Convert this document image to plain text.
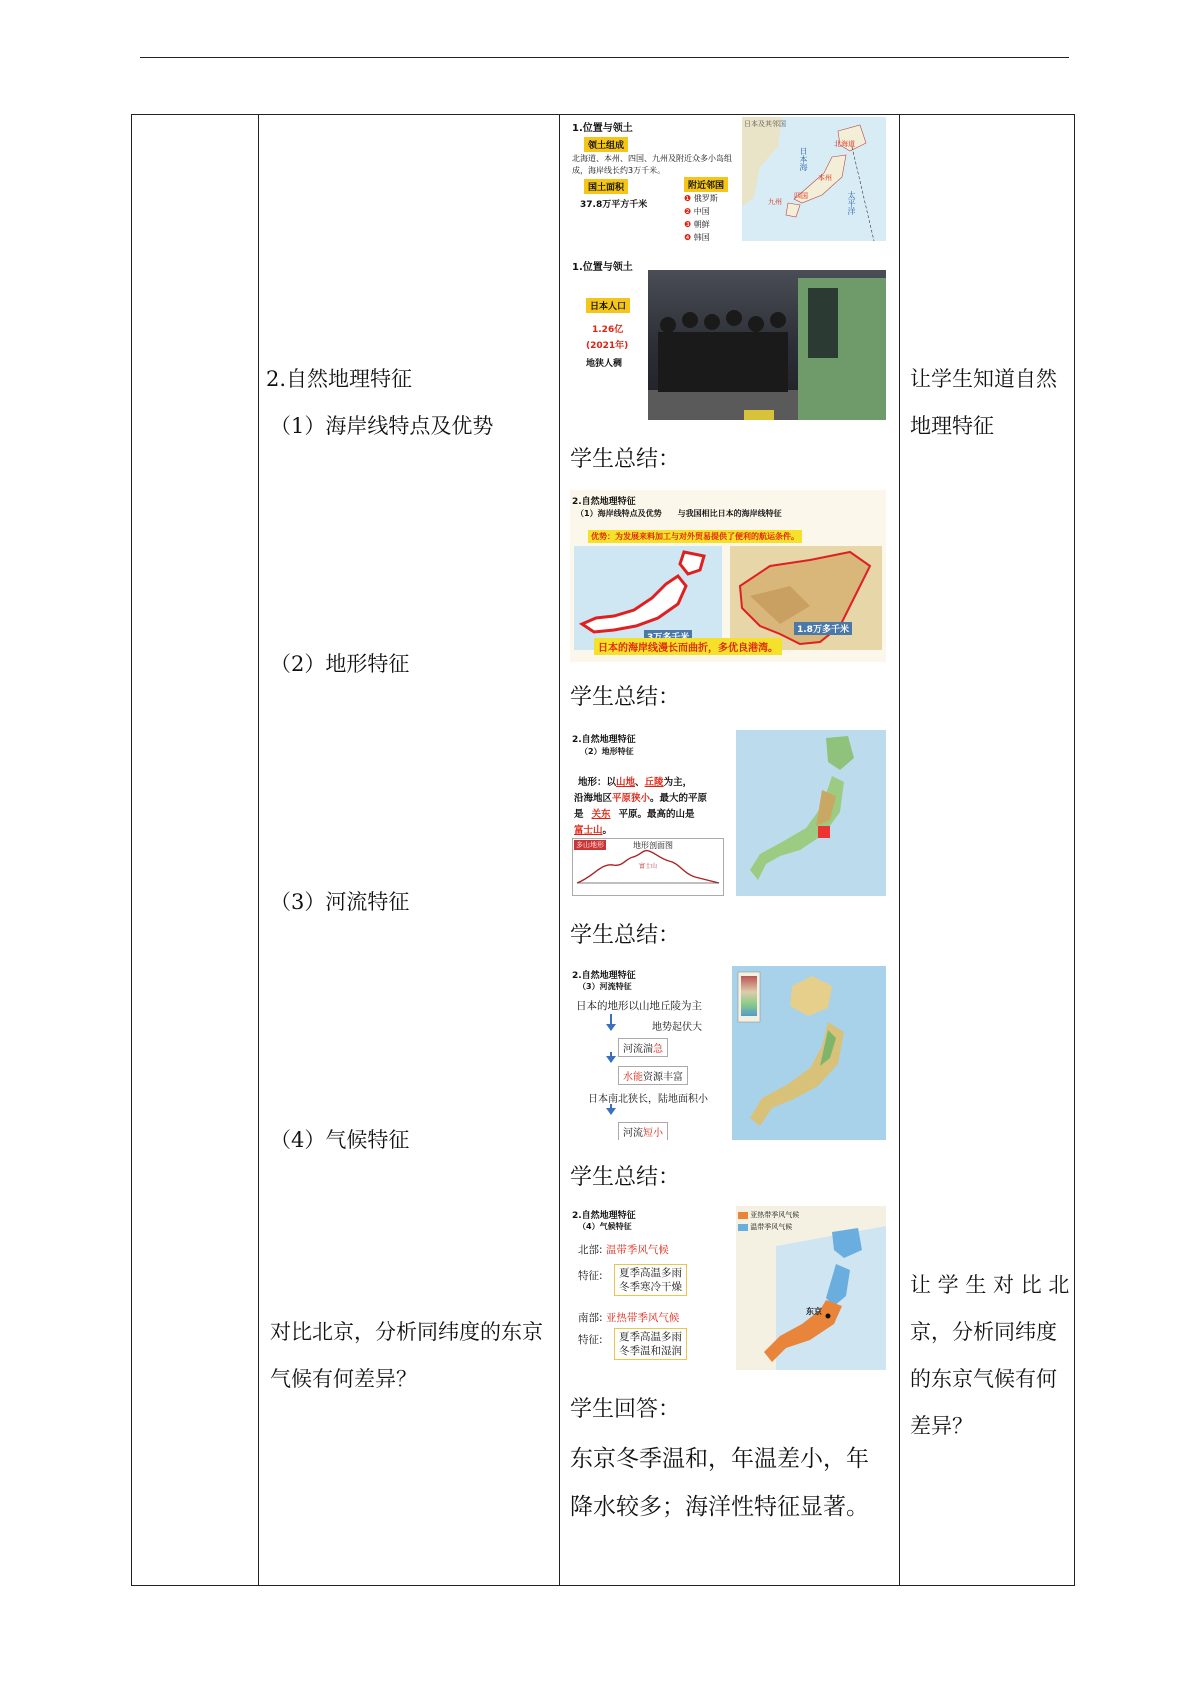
2.自然地理特征
（1）海岸线特点及优势
（2）地形特征
（3）河流特征
（4）气候特征
对比北京，分析同纬度的东京
气候有何差异？
让学生知道自然
地理特征
让 学 生 对 比 北
京，分析同纬度
的东京气候有何
差异？
1.位置与领土
领土组成
北海道、本州、四国、九州及附近众多小岛组
成，海岸线长约3万千米。
国土面积
37.8万平方千米
附近邻国
❶ 俄罗斯
❷ 中国
❸ 朝鲜
❹ 韩国
日本及其邻国
北海道
日本海
本州
四国
九州	太平洋
1.位置与领土
日本人口
1.26亿
(2021年)
地狭人稠
学生总结：
2.自然地理特征
（1）海岸线特点及优势　　与我国相比日本的海岸线特征
优势：为发展来料加工与对外贸易提供了便利的航运条件。
1.8万多千米
日本的海岸线漫长而曲折，多优良港湾。
学生总结：
2.自然地理特征
（2）地形特征
地形：以山地、丘陵为主，
沿海地区平原狭小。最大的平原
是 关东 平原。最高的山是
富士山。
多山地形	地形剖面图
富士山
学生总结：
2.自然地理特征
（3）河流特征
日本的地形以山地丘陵为主
地势起伏大
河流湍急
水能资源丰富
日本南北狭长，陆地面积小
河流短小
学生总结：
2.自然地理特征
（4）气候特征
北部: 温带季风气候
特征: 夏季高温多雨
冬季寒冷干燥
南部: 亚热带季风气候
特征: 夏季高温多雨
冬季温和湿润
亚热带季风气候
温带季风气候
东京
学生回答：
东京冬季温和，年温差小，年
降水较多；海洋性特征显著。
